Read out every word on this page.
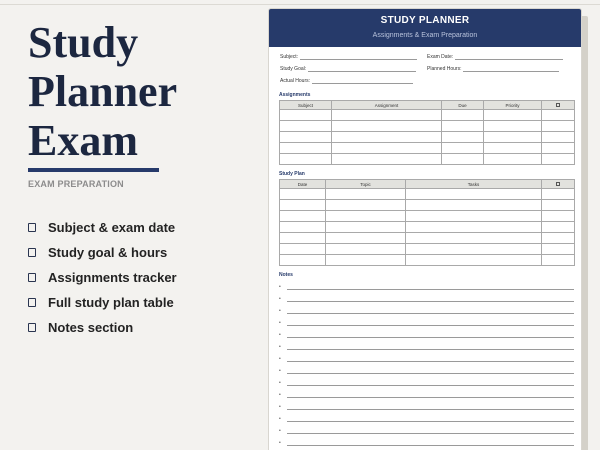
Study
Planner
Exam
EXAM PREPARATION
Subject & exam date
Study goal & hours
Assignments tracker
Full study plan table
Notes section
STUDY PLANNER
Assignments & Exam Preparation
Subject:	Exam Date:
Study Goal:	Planned Hours:
Actual Hours:
Assignments
Subject	Assignment	Due	Priority	

Study Plan
Date	Topic	Tasks	

Notes
•
•
•
•
•
•
•
•
•
•
•
•
•
•
